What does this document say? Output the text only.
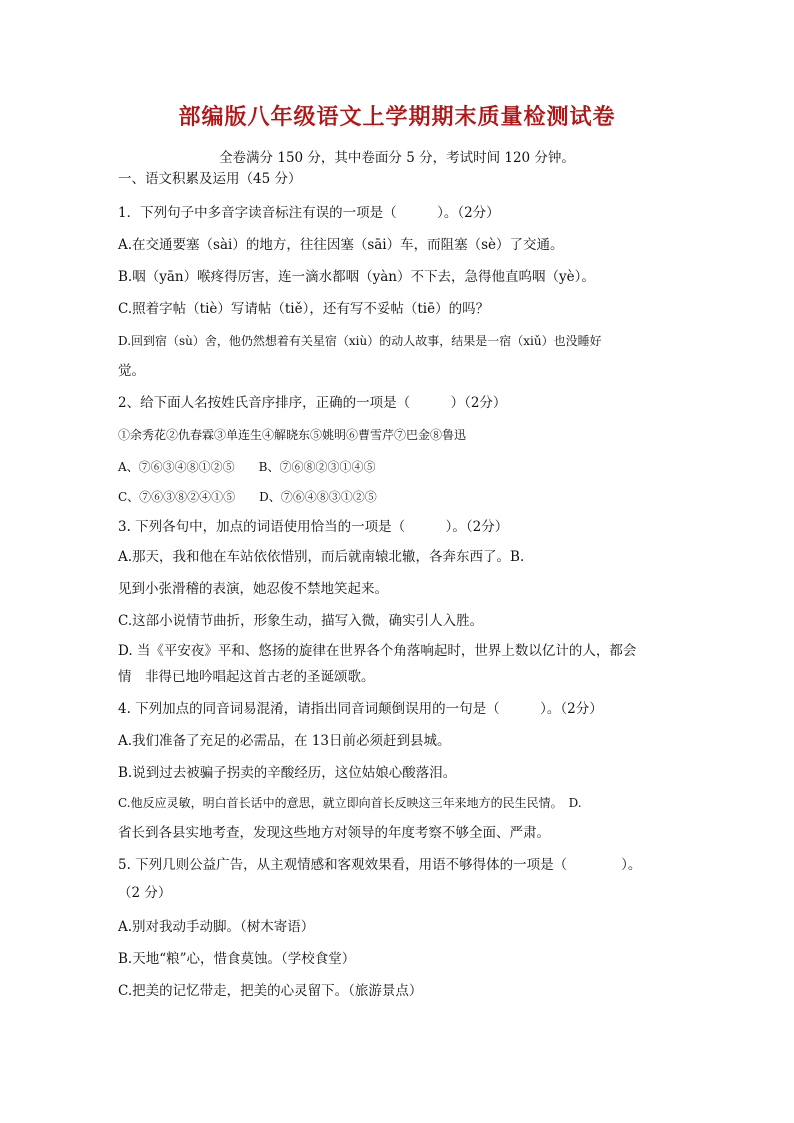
部编版八年级语文上学期期末质量检测试卷
全卷满分 150 分，其中卷面分 5 分，考试时间 120 分钟。
一、语文积累及运用（45 分）
1．下列句子中多音字读音标注有误的一项是（　　　）。（2分）
A.在交通要塞（sài）的地方，往往因塞（sāi）车，而阻塞（sè）了交通。
B.咽（yān）喉疼得厉害，连一滴水都咽（yàn）不下去，急得他直呜咽（yè）。
C.照着字帖（tiè）写请帖（tiě），还有写不妥帖（tiē）的吗？
D.回到宿（sù）舍，他仍然想着有关星宿（xiù）的动人故事，结果是一宿（xiǔ）也没睡好
觉。
2、给下面人名按姓氏音序排序，正确的一项是（　　　）（2分）
①余秀花②仇春霖③单连生④解晓东⑤姚明⑥曹雪芹⑦巴金⑧鲁迅
A、⑦⑥③④⑧①②⑤　　B、⑦⑥⑧②③①④⑤
C、⑦⑥③⑧②④①⑤　　D、⑦⑥④⑧③①②⑤
3. 下列各句中，加点的词语使用恰当的一项是（　　　）。（2分）
A.那天，我和他在车站依依惜别，而后就南辕北辙，各奔东西了。B.
见到小张滑稽的表演，她忍俊不禁地笑起来。
C.这部小说情节曲折，形象生动，描写入微，确实引人入胜。
D. 当《平安夜》平和、悠扬的旋律在世界各个角落响起时，世界上数以亿计的人，都会
情　非得已地吟唱起这首古老的圣诞颂歌。
4. 下列加点的同音词易混淆，请指出同音词颠倒误用的一句是（　　　）。（2分）
A.我们准备了充足的必需品，在 13日前必须赶到县城。
B.说到过去被骗子拐卖的辛酸经历，这位姑娘心酸落泪。
C.他反应灵敏，明白首长话中的意思，就立即向首长反映这三年来地方的民生民情。　D.
省长到各县实地考查，发现这些地方对领导的年度考察不够全面、严肃。
5. 下列几则公益广告，从主观情感和客观效果看，用语不够得体的一项是（　　　　）。
（2 分）
A.别对我动手动脚。（树木寄语）
B.天地“粮”心，惜食莫蚀。（学校食堂）
C.把美的记忆带走，把美的心灵留下。（旅游景点）
